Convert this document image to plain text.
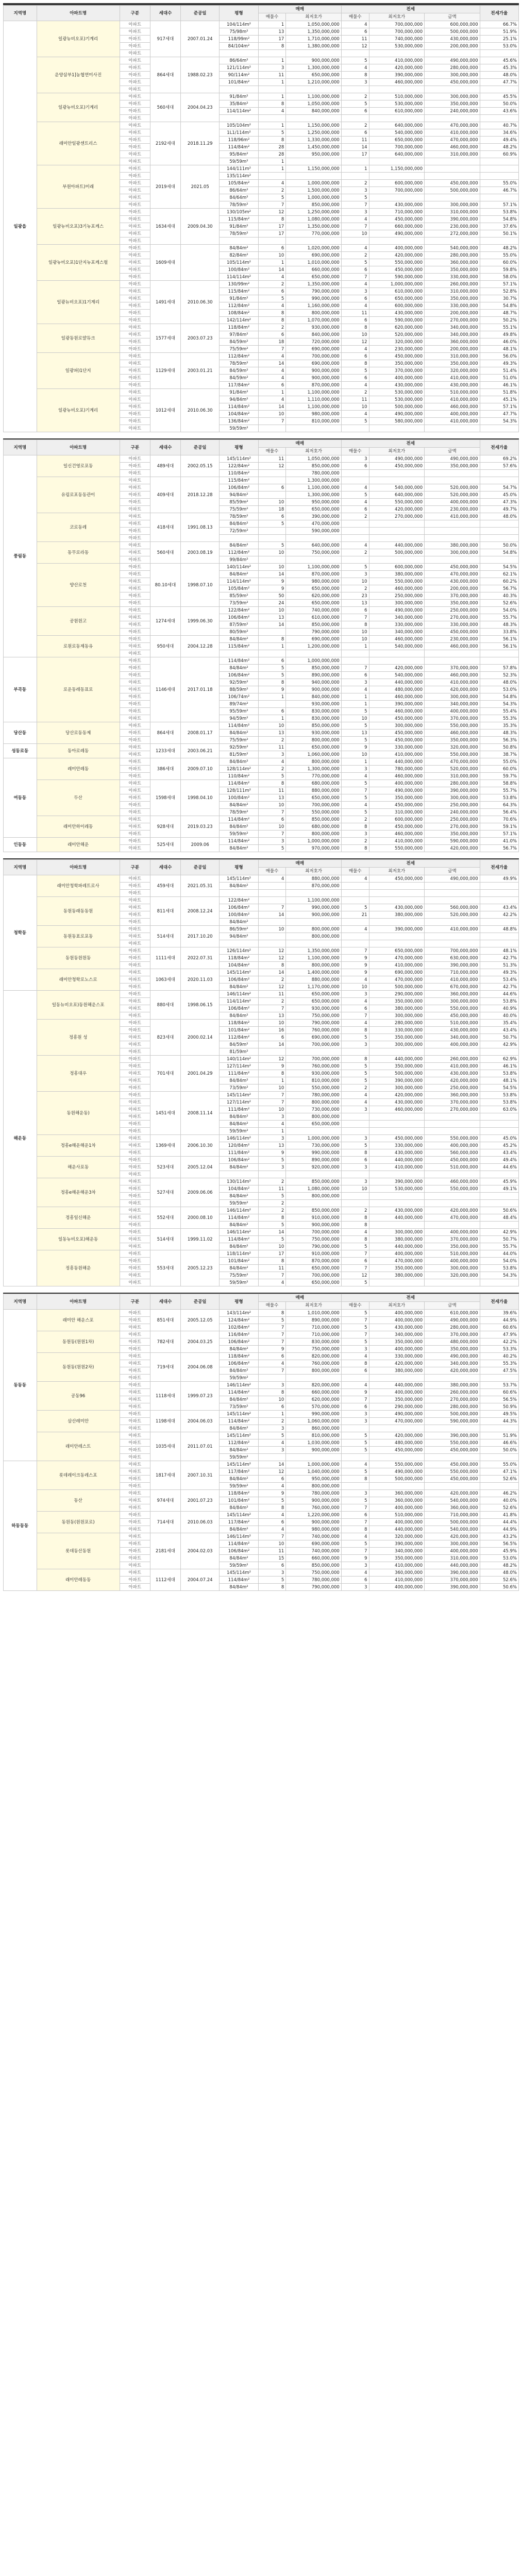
지역명	아파트명	구분	세대수	준공일	평형	매매		전세			전세가율
						매물수	최저호가	매물수	최저호가	금액	
일광읍	일광뉴비오포)기계리	아파트	917세대	2007.01.24	104/114m²	1	1,050,000,000	4	700,000,000	600,000,000	66.7%
		아파트			75/98m²	13	1,350,000,000	6	700,000,000	500,000,000	51.9%
		아파트			118/99m²	17	1,710,000,000	11	740,000,000	430,000,000	25.1%
		아파트			84/104m²	8	1,380,000,000	12	530,000,000	200,000,000	53.0%
		아파트									
	운양삼부1]농협연미사진	아파트	864세대	1988.02.23	86/64m²	1	900,000,000	5	410,000,000	490,000,000	45.6%
		아파트			121/114m²	3	1,300,000,000	4	420,000,000	280,000,000	45.3%
		아파트			90/114m²	11	650,000,000	8	390,000,000	300,000,000	48.0%
		아파트			101/84m²	1	1,210,000,000	3	460,000,000	450,000,000	47.7%
		아파트									
	일광뉴비오포)기계리	아파트	560세대	2004.04.23	91/84m²	1	1,100,000,000	2	510,000,000	300,000,000	45.5%
		아파트			35/84m²	8	1,050,000,000	5	530,000,000	350,000,000	50.0%
		아파트			114/114m²	4	840,000,000	6	610,000,000	240,000,000	43.6%
		아파트									
	래미안일광센트리스	아파트	2192세대	2018.11.29	105/104m²	1	1,150,000,000	2	640,000,000	470,000,000	40.7%
		아파트			1L1/114m²	5	1,250,000,000	6	540,000,000	410,000,000	34.6%
		아파트			118/96m²	8	1,330,000,000	11	650,000,000	470,000,000	49.4%
		아파트			114/84m²	28	1,450,000,000	14	700,000,000	460,000,000	48.2%
		아파트			95/84m²	28	950,000,000	17	640,000,000	310,000,000	60.9%
		아파트			59/59m²	1					
	부원아파트)미래	아파트	2019세대	2021.05	144/111m²	1	1,150,000,000	1	1,150,000,000		
		아파트			135/114m²						
		아파트			105/84m²	4	1,000,000,000	2	600,000,000	450,000,000	55.0%
		아파트			86/64m²	2	1,500,000,000	3	700,000,000	500,000,000	46.7%
		아파트			84/64m²	5	1,000,000,000	5			
		아파트			78/59m²	7	850,000,000	7	430,000,000	300,000,000	57.1%
	일광뉴비오포)3기뉴포케스	아파트	1634세대	2009.04.30	130/105m²	12	1,250,000,000	3	710,000,000	310,000,000	53.8%
		아파트			115/84m²	8	1,080,000,000	4	450,000,000	390,000,000	54.8%
		아파트			91/84m²	17	1,350,000,000	7	660,000,000	230,000,000	37.6%
		아파트			78/59m²	17	770,000,000	10	490,000,000	272,000,000	50.1%
		아파트									
	일광뉴비오포)1단지뉴포케스펄	아파트	1609세대		84/84m²	6	1,020,000,000	4	400,000,000	540,000,000	48.2%
		아파트			82/84m²	10	690,000,000	2	420,000,000	280,000,000	55.0%
		아파트			105/114m²	1	1,010,000,000	5	550,000,000	360,000,000	60.0%
		아파트			100/84m²	14	660,000,000	6	450,000,000	350,000,000	59.8%
		아파트			114/114m²	4	650,000,000	7	590,000,000	330,000,000	58.0%
	일광뉴비오포)1기계리	아파트	1491세대	2010.06.30	130/99m²	2	1,350,000,000	4	1,000,000,000	260,000,000	57.1%
		아파트			115/84m²	6	790,000,000	3	610,000,000	310,000,000	52.8%
		아파트			91/84m²	5	990,000,000	6	650,000,000	350,000,000	30.7%
		아파트			112/84m²	4	1,160,000,000	4	600,000,000	330,000,000	54.8%
		아파트			108/84m²	8	800,000,000	11	430,000,000	200,000,000	48.7%
		아파트			142/114m²	8	1,070,000,000	6	590,000,000	270,000,000	50.2%
	일광동원로얄듀크	아파트	1577세대	2003.07.23	118/84m²	2	930,000,000	8	620,000,000	340,000,000	55.1%
		아파트			97/84m²	6	840,000,000	10	520,000,000	340,000,000	49.8%
		아파트			84/59m²	18	720,000,000	12	320,000,000	360,000,000	46.0%
		아파트			75/59m²	7	690,000,000	4	230,000,000	200,000,000	48.1%
	일광파)1단지	아파트	1129세대	2003.01.21	112/84m²	4	700,000,000	6	450,000,000	310,000,000	56.0%
		아파트			78/59m²	14	690,000,000	8	350,000,000	350,000,000	49.3%
		아파트			84/59m²	4	900,000,000	5	370,000,000	320,000,000	51.4%
		아파트			84/59m²	4	900,000,000	6	400,000,000	410,000,000	51.0%
		아파트			117/84m²	6	870,000,000	4	430,000,000	430,000,000	46.1%
	일광뉴비오포)기계리	아파트	1012세대	2010.06.30	91/84m²	1	1,100,000,000	2	530,000,000	510,000,000	51.8%
		아파트			94/84m²	4	1,110,000,000	11	530,000,000	410,000,000	45.1%
		아파트			114/84m²	14	1,100,000,000	10	500,000,000	460,000,000	57.1%
		아파트			104/84m²	10	980,000,000	4	490,000,000	400,000,000	47.7%
		아파트			136/84m²	7	810,000,000	5	580,000,000	410,000,000	54.3%
		아파트			59/59m²						
지역명	아파트명	구분	세대수	준공일	평형	매매		전세			전세가율
						매물수	최저호가	매물수	최저호가	금액	
풍림동	일신건영로포동	아파트	489세대	2002.05.15	145/114m²	11	1,050,000,000	3	490,000,000	490,000,000	69.2%
		아파트			122/84m²	12	850,000,000	6	450,000,000	350,000,000	57.6%
		아파트			110/84m²		780,000,000				
	유림로포동동관이	아파트	409세대	2018.12.28	115/84m²		1,300,000,000				
		아파트			106/84m²	6	1,100,000,000	4	540,000,000	520,000,000	54.7%
		아파트			94/84m²		1,300,000,000	5	640,000,000	520,000,000	45.0%
		아파트			85/59m²	10	950,000,000	4	550,000,000	400,000,000	47.3%
		아파트			75/59m²	18	650,000,000	6	420,000,000	230,000,000	49.7%
	코로동레	아파트	418세대	1991.08.13	78/59m²	6	390,000,000	2	270,000,000	410,000,000	48.0%
		아파트			84/84m²	5	470,000,000				
		아파트			72/59m²		590,000,000				
		아파트									
	동무로라동	아파트	560세대	2003.08.19	84/84m²	5	640,000,000	4	440,000,000	380,000,000	50.0%
		아파트			112/84m²	10	750,000,000	2	500,000,000	300,000,000	54.8%
		아파트			99/84m²						
	양산로천	아파트	80.10세대	1998.07.10	140/114m²	10	1,100,000,000	5	600,000,000	450,000,000	54.5%
		아파트			84/84m²	14	870,000,000	3	380,000,000	470,000,000	62.1%
		아파트			114/114m²	9	980,000,000	10	550,000,000	430,000,000	60.2%
		아파트			105/84m²	9	650,000,000	2	460,000,000	200,000,000	56.7%
		아파트			85/59m²	50	620,000,000	23	250,000,000	370,000,000	40.3%
		아파트			73/59m²	24	650,000,000	13	300,000,000	350,000,000	52.6%
	공원원고	아파트	1274세대	1999.06.30	122/84m²	10	740,000,000	6	490,000,000	250,000,000	54.0%
		아파트			106/84m²	13	610,000,000	7	340,000,000	270,000,000	55.7%
		아파트			87/59m²	14	850,000,000	8	330,000,000	330,000,000	48.3%
		아파트			80/59m²		790,000,000	10	340,000,000	450,000,000	33.8%
	로원로동제동유	아파트	950세대	2004.12.28	84/84m²	8	690,000,000	10	460,000,000	230,000,000	56.1%
		아파트			115/84m²	1	1,200,000,000	1	540,000,000	460,000,000	56.1%
		아파트									
부곡동	로운동레동표로	아파트	1146세대	2017.01.18	114/84m²	6	1,000,000,000				
		아파트			84/84m²	5	850,000,000	7	420,000,000	370,000,000	57.8%
		아파트			106/84m²	5	890,000,000	6	540,000,000	460,000,000	52.3%
		아파트			92/59m²	8	940,000,000	3	440,000,000	410,000,000	48.0%
		아파트			88/59m²	9	900,000,000	4	480,000,000	420,000,000	53.0%
		아파트			106/74m²	1	840,000,000	1	460,000,000	300,000,000	54.8%
		아파트			89/74m²		930,000,000	1	390,000,000	340,000,000	54.3%
		아파트			95/59m²	6	830,000,000	5	460,000,000	400,000,000	55.4%
		아파트			94/59m²	1	830,000,000	10	450,000,000	370,000,000	55.3%
당산동	당산로동동제	아파트	864세대	2008.01.17	114/84m²	10	850,000,000	5	300,000,000	550,000,000	35.3%
		아파트			84/84m²	13	930,000,000	13	450,000,000	460,000,000	48.3%
		아파트			75/59m²	2	800,000,000	5	450,000,000	350,000,000	56.3%
성동로동	동아로레동	아파트	1233세대	2003.06.21	92/59m²	11	650,000,000	9	330,000,000	320,000,000	50.8%
		아파트			81/59m²	3	1,060,000,000	10	410,000,000	550,000,000	38.7%
여동동	레미안레동	아파트	386세대	2009.07.10	84/84m²	4	800,000,000	1	440,000,000	470,000,000	55.0%
		아파트			128/114m²	2	1,300,000,000	3	780,000,000	520,000,000	60.0%
		아파트			110/84m²	5	770,000,000	4	460,000,000	310,000,000	59.7%
	두산	아파트	1598세대	1998.04.10	114/84m²	8	680,000,000	5	400,000,000	280,000,000	58.8%
		아파트			128/111m²	11	880,000,000	7	490,000,000	390,000,000	55.7%
		아파트			100/84m²	13	650,000,000	5	350,000,000	300,000,000	53.8%
		아파트			84/84m²	10	700,000,000	4	450,000,000	250,000,000	64.3%
		아파트			78/59m²	7	550,000,000	5	310,000,000	240,000,000	56.4%
	래미안하이레동	아파트	928세대	2019.03.23	114/84m²	6	850,000,000	2	600,000,000	250,000,000	70.6%
		아파트			84/84m²	10	680,000,000	8	450,000,000	270,000,000	59.1%
		아파트			59/59m²	7	800,000,000	3	460,000,000	350,000,000	57.1%
인동동	래미안해운	아파트	525세대	2009.06	114/84m²	3	1,000,000,000	2	410,000,000	590,000,000	41.0%
		아파트			84/84m²	5	970,000,000	8	550,000,000	420,000,000	56.7%
지역명	아파트명	구분	세대수	준공일	평형	매매		전세			전세가율
						매물수	최저호가	매물수	최저호가	금액	
청학동	래미안청학파레트로사	아파트	459세대	2021.05.31	145/114m²	4	880,000,000	4	450,000,000	490,000,000	49.9%
		아파트			84/84m²		870,000,000				
		아파트									
	동원동래동동원	아파트	811세대	2008.12.24	122/84m²		1,100,000,000				
		아파트			106/84m²	7	990,000,000	5	430,000,000	560,000,000	43.4%
		아파트			100/84m²	14	900,000,000	21	380,000,000	520,000,000	42.2%
		아파트			84/84m²						
	동원동표로포동	아파트	514세대	2017.10.20	86/59m²	10	800,000,000	4	390,000,000	410,000,000	48.8%
		아파트			94/84m²		800,000,000				
		아파트									
	동원동원원동	아파트	1111세대	2022.07.31	126/114m²	12	1,350,000,000	7	650,000,000	700,000,000	48.1%
		아파트			118/84m²	12	1,100,000,000	9	470,000,000	630,000,000	42.7%
		아파트			104/84m²	8	800,000,000	9	410,000,000	390,000,000	51.3%
	래미안청학로노스로	아파트	1063세대	2020.11.03	145/114m²	14	1,400,000,000	9	690,000,000	710,000,000	49.3%
		아파트			106/84m²	2	880,000,000	4	470,000,000	410,000,000	53.4%
		아파트			84/84m²	12	1,170,000,000	10	500,000,000	670,000,000	42.7%
해운동	일동뉴비오포)동원해운스포	아파트	880세대	1998.06.15	146/114m²	11	650,000,000	3	290,000,000	360,000,000	44.6%
		아파트			114/114m²	2	650,000,000	4	350,000,000	300,000,000	53.8%
		아파트			106/84m²	7	930,000,000	6	380,000,000	550,000,000	40.9%
		아파트			84/84m²	13	750,000,000	7	300,000,000	450,000,000	40.0%
	정흥원 성	아파트	823세대	2000.02.14	118/84m²	10	790,000,000	4	280,000,000	510,000,000	35.4%
		아파트			101/84m²	16	760,000,000	8	330,000,000	430,000,000	43.4%
		아파트			112/84m²	6	690,000,000	5	350,000,000	340,000,000	50.7%
		아파트			84/59m²	14	700,000,000	3	300,000,000	400,000,000	42.9%
		아파트			81/59m²						
	정흥대우	아파트	701세대	2001.04.29	140/114m²	12	700,000,000	8	440,000,000	260,000,000	62.9%
		아파트			127/114m²	9	760,000,000	5	350,000,000	410,000,000	46.1%
		아파트			111/84m²	8	930,000,000	5	500,000,000	430,000,000	53.8%
		아파트			84/84m²	1	810,000,000	5	390,000,000	420,000,000	48.1%
		아파트			73/59m²	10	550,000,000	2	300,000,000	250,000,000	54.5%
	동원해운동)	아파트	1451세대	2008.11.14	145/114m²	7	780,000,000	4	420,000,000	360,000,000	53.8%
		아파트			127/114m²	7	800,000,000	4	430,000,000	370,000,000	53.8%
		아파트			111/84m²	10	730,000,000	3	460,000,000	270,000,000	63.0%
		아파트			84/84m²	3	800,000,000				
		아파트			84/84m²	4	650,000,000				
		아파트			59/59m²	1					
	정흥e해운해운1차	아파트	1369세대	2006.10.30	146/114m²	3	1,000,000,000	3	450,000,000	550,000,000	45.0%
		아파트			120/84m²	13	730,000,000	5	330,000,000	400,000,000	45.2%
		아파트			111/84m²	9	990,000,000	8	430,000,000	560,000,000	43.4%
	해운사포동	아파트	523세대	2005.12.04	106/84m²	5	890,000,000	6	440,000,000	450,000,000	49.4%
		아파트			84/84m²	3	920,000,000	3	410,000,000	510,000,000	44.6%
		아파트									
	정흥e해운해운3차	아파트	527세대	2009.06.06	130/114m²	2	850,000,000	3	390,000,000	460,000,000	45.9%
		아파트			104/84m²	11	1,080,000,000	10	530,000,000	550,000,000	49.1%
		아파트			84/84m²	5	800,000,000				
		아파트			59/59m²	2					
	정흥일신해운	아파트	552세대	2000.08.10	146/114m²	2	850,000,000	2	430,000,000	420,000,000	50.6%
		아파트			114/84m²	8	910,000,000	8	440,000,000	470,000,000	48.4%
		아파트			84/84m²	5	900,000,000	8			
	일동뉴비오포)해운동	아파트	514세대	1999.11.02	146/114m²	14	700,000,000	4	300,000,000	400,000,000	42.9%
		아파트			114/84m²	5	750,000,000	8	380,000,000	370,000,000	50.7%
		아파트			84/84m²	10	790,000,000	5	440,000,000	350,000,000	55.7%
	정흥동원해운	아파트	553세대	2005.12.23	118/114m²	17	910,000,000	7	400,000,000	510,000,000	44.0%
		아파트			101/84m²	8	870,000,000	6	470,000,000	400,000,000	54.0%
		아파트			84/84m²	11	650,000,000	7	350,000,000	300,000,000	53.8%
		아파트			75/59m²	7	700,000,000	12	380,000,000	320,000,000	54.3%
		아파트			59/59m²	4	650,000,000	5			
지역명	아파트명	구분	세대수	준공일	평형	매매		전세			전세가율
						매물수	최저호가	매물수	최저호가	금액	
동동동	래미안 해운스포	아파트	851세대	2005.12.05	143/114m²	8	1,010,000,000	5	400,000,000	610,000,000	39.6%
		아파트			124/84m²	5	890,000,000	7	400,000,000	490,000,000	44.9%
		아파트			102/84m²	7	710,000,000	5	430,000,000	280,000,000	60.6%
	동원동(원원1차)	아파트	782세대	2004.03.25	116/84m²	7	710,000,000	7	340,000,000	370,000,000	47.9%
		아파트			106/84m²	7	830,000,000	5	350,000,000	480,000,000	42.2%
		아파트			84/84m²	9	750,000,000	3	400,000,000	350,000,000	53.3%
	동원동(원원2차)	아파트	719세대	2004.06.08	118/84m²	6	820,000,000	4	330,000,000	490,000,000	40.2%
		아파트			106/84m²	4	760,000,000	8	420,000,000	340,000,000	55.3%
		아파트			84/84m²	7	800,000,000	6	380,000,000	420,000,000	47.5%
		아파트			59/59m²						
	공동96	아파트	1118세대	1999.07.23	146/114m²	3	820,000,000	4	440,000,000	380,000,000	53.7%
		아파트			114/84m²	8	660,000,000	9	400,000,000	260,000,000	60.6%
		아파트			84/84m²	10	620,000,000	7	350,000,000	270,000,000	56.5%
		아파트			73/59m²	6	570,000,000	6	290,000,000	280,000,000	50.9%
	삼산레미안	아파트	1198세대	2004.06.03	145/114m²	1	990,000,000	3	490,000,000	500,000,000	49.5%
		아파트			114/84m²	2	1,060,000,000	3	470,000,000	590,000,000	44.3%
		아파트			84/84m²	3	860,000,000				
	래미안레스트	아파트	1035세대	2011.07.01	145/114m²	5	810,000,000	5	420,000,000	390,000,000	51.9%
		아파트			112/84m²	4	1,030,000,000	5	480,000,000	550,000,000	46.6%
		아파트			84/84m²	3	900,000,000	5	450,000,000	450,000,000	50.0%
		아파트			59/59m²						
하동동동	롯데레이크동레스포	아파트	1817세대	2007.10.31	145/114m²	14	1,000,000,000	4	550,000,000	450,000,000	55.0%
		아파트			117/84m²	12	1,040,000,000	5	490,000,000	550,000,000	47.1%
		아파트			84/84m²	6	950,000,000	8	500,000,000	450,000,000	52.6%
		아파트			59/59m²	4	800,000,000				
	동산	아파트	974세대	2001.07.23	118/84m²	9	780,000,000	3	360,000,000	420,000,000	46.2%
		아파트			101/84m²	5	900,000,000	5	360,000,000	540,000,000	40.0%
		아파트			84/84m²	8	760,000,000	7	400,000,000	360,000,000	52.6%
	동원동(원원포로)	아파트	714세대	2010.06.03	145/114m²	4	1,220,000,000	6	510,000,000	710,000,000	41.8%
		아파트			117/84m²	6	900,000,000	7	400,000,000	500,000,000	44.4%
		아파트			84/84m²	4	980,000,000	8	440,000,000	540,000,000	44.9%
	롯데동산동원	아파트	2181세대	2004.02.03	146/114m²	7	740,000,000	4	320,000,000	420,000,000	43.2%
		아파트			114/84m²	10	690,000,000	5	390,000,000	300,000,000	56.5%
		아파트			106/84m²	11	740,000,000	7	340,000,000	400,000,000	45.9%
		아파트			84/84m²	15	660,000,000	9	350,000,000	310,000,000	53.0%
		아파트			59/59m²	6	850,000,000	3	410,000,000	440,000,000	48.2%
	래미안레동동	아파트	1112세대	2004.07.24	145/114m²	3	750,000,000	4	360,000,000	390,000,000	48.0%
		아파트			114/84m²	5	780,000,000	6	410,000,000	370,000,000	52.6%
		아파트			84/84m²	8	790,000,000	3	400,000,000	390,000,000	50.6%
